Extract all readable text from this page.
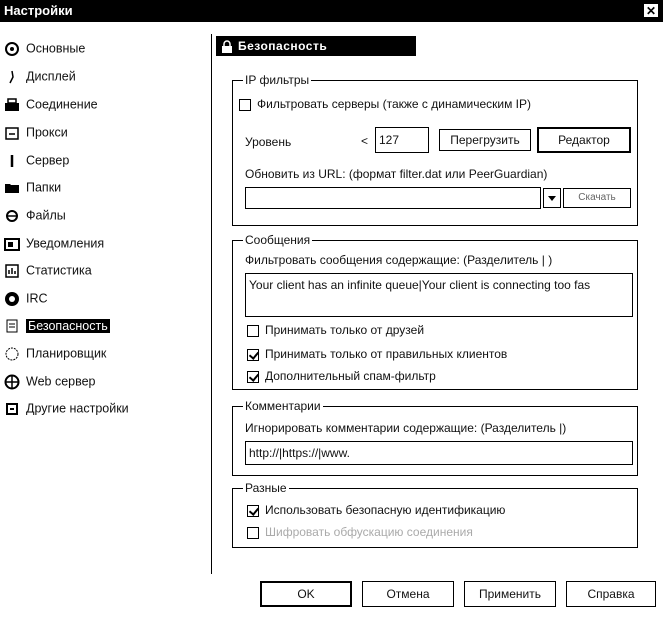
Настройки	✕
Основные
Дисплей
Соединение
Прокси
Сервер
Папки
Файлы
Уведомления
Статистика
IRC
Безопасность
Планировщик
Web сервер
Другие настройки
Безопасность
IP фильтры
Фильтровать серверы (также с динамическим IP)
Уровень	< 127	Перегрузить	Редактор
Обновить из URL: (формат filter.dat или PeerGuardian)
Скачать
Сообщения
Фильтровать сообщения содержащие: (Разделитель | )
Your client has an infinite queue|Your client is connecting too fas
Принимать только от друзей
Принимать только от правильных клиентов
Дополнительный спам-фильтр
Комментарии
Игнорировать комментарии содержащие: (Разделитель |)
http://|https://|www.
Разные
Использовать безопасную идентификацию
Шифровать обфускацию соединения
OK	Отмена	Применить	Справка
